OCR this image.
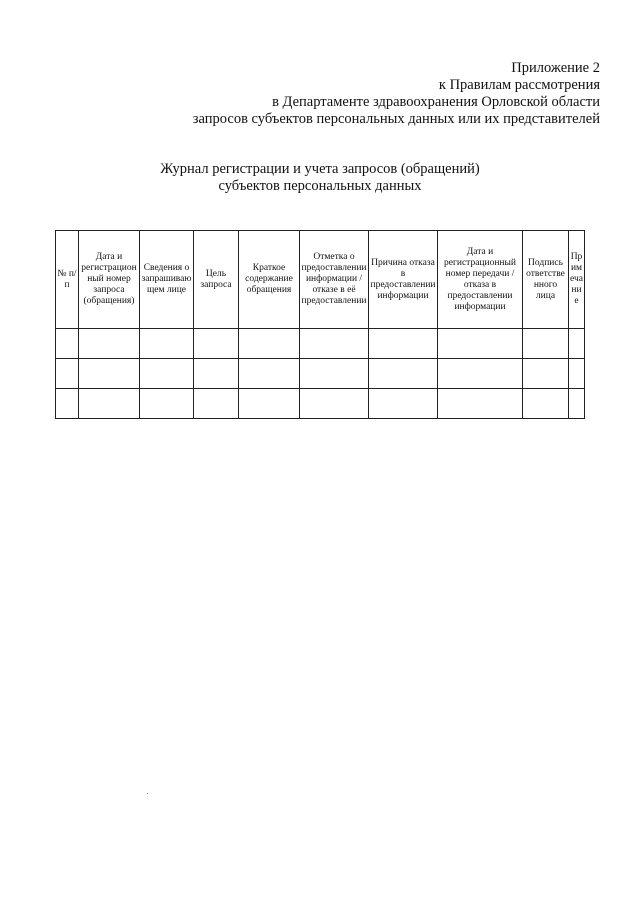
Приложение 2
к Правилам рассмотрения
в Департаменте здравоохранения Орловской области
запросов субъектов персональных данных или их представителей
Журнал регистрации и учета запросов (обращений)
субъектов персональных данных
№ п/п	Дата и регистрационный номер запроса (обращения)	Сведения о запрашивающем лице	Цель запроса	Краткое содержание обращения	Отметка о предоставлении информации / отказе в её предоставлении	Причина отказа в предоставлении информации	Дата и регистрационный номер передачи / отказа в предоставлении информации	Подпись ответственного лица	Примечание
